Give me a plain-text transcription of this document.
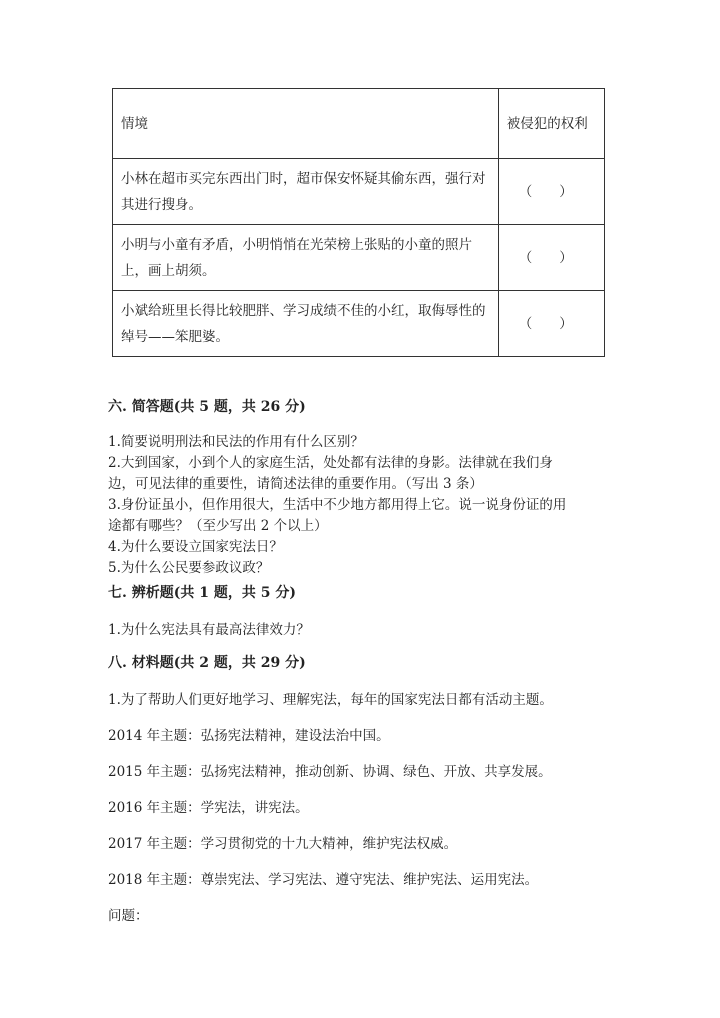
情境	被侵犯的权利
小林在超市买完东西出门时，超市保安怀疑其偷东西，强行对其进行搜身。	（　　）

小明与小童有矛盾，小明悄悄在光荣榜上张贴的小童的照片上，画上胡须。	（　　）

小斌给班里长得比较肥胖、学习成绩不佳的小红，取侮辱性的绰号——笨肥婆。	（　　）
六. 简答题(共 5 题，共 26 分)
1.简要说明刑法和民法的作用有什么区别？
2.大到国家，小到个人的家庭生活，处处都有法律的身影。法律就在我们身
边，可见法律的重要性，请简述法律的重要作用。（写出 3 条）
3.身份证虽小，但作用很大，生活中不少地方都用得上它。说一说身份证的用
途都有哪些？（至少写出 2 个以上）
4.为什么要设立国家宪法日？
5.为什么公民要参政议政？
七. 辨析题(共 1 题，共 5 分)
1.为什么宪法具有最高法律效力？
八. 材料题(共 2 题，共 29 分)
1.为了帮助人们更好地学习、理解宪法，每年的国家宪法日都有活动主题。
2014 年主题：弘扬宪法精神，建设法治中国。
2015 年主题：弘扬宪法精神，推动创新、协调、绿色、开放、共享发展。
2016 年主题：学宪法，讲宪法。
2017 年主题：学习贯彻党的十九大精神，维护宪法权威。
2018 年主题：尊崇宪法、学习宪法、遵守宪法、维护宪法、运用宪法。
问题：
